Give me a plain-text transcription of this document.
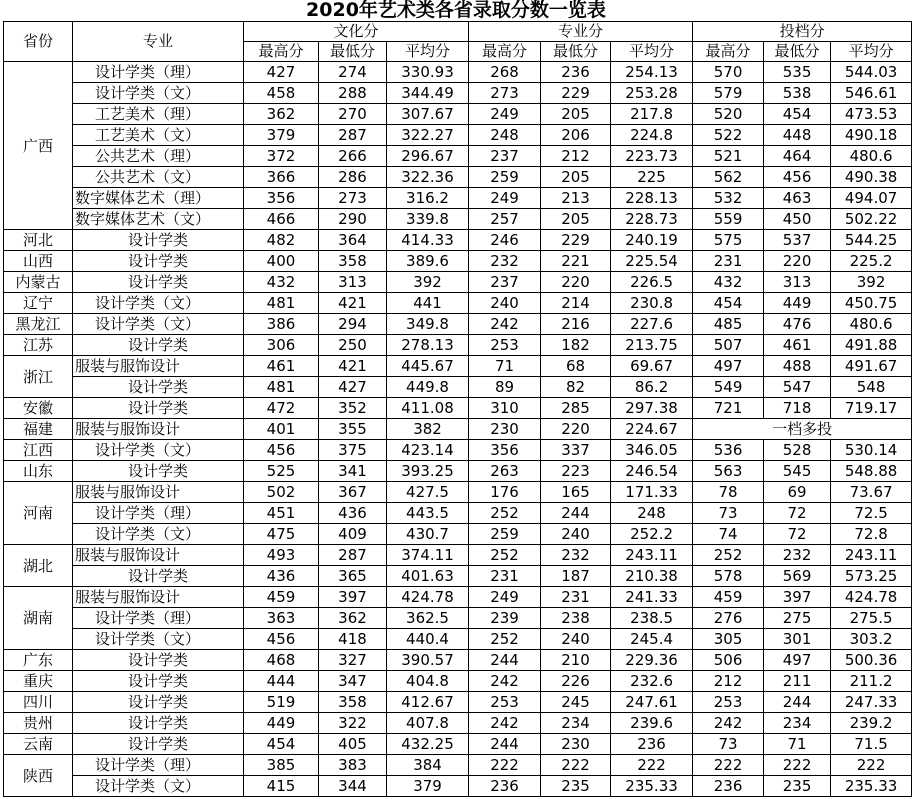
2020年艺术类各省录取分数一览表
省份	专业	文化分			专业分			投档分		
		最高分	最低分	平均分	最高分	最低分	平均分	最高分	最低分	平均分
广西	设计学类（理）	427	274	330.93	268	236	254.13	570	535	544.03
	设计学类（文）	458	288	344.49	273	229	253.28	579	538	546.61
	工艺美术（理）	362	270	307.67	249	205	217.8	520	454	473.53
	工艺美术（文）	379	287	322.27	248	206	224.8	522	448	490.18
	公共艺术（理）	372	266	296.67	237	212	223.73	521	464	480.6
	公共艺术（文）	366	286	322.36	259	205	225	562	456	490.38
	数字媒体艺术（理）	356	273	316.2	249	213	228.13	532	463	494.07
	数字媒体艺术（文）	466	290	339.8	257	205	228.73	559	450	502.22
河北	设计学类	482	364	414.33	246	229	240.19	575	537	544.25
山西	设计学类	400	358	389.6	232	221	225.54	231	220	225.2
内蒙古	设计学类	432	313	392	237	220	226.5	432	313	392
辽宁	设计学类（文）	481	421	441	240	214	230.8	454	449	450.75
黑龙江	设计学类（文）	386	294	349.8	242	216	227.6	485	476	480.6
江苏	设计学类	306	250	278.13	253	182	213.75	507	461	491.88
浙江	服装与服饰设计	461	421	445.67	71	68	69.67	497	488	491.67
	设计学类	481	427	449.8	89	82	86.2	549	547	548
安徽	设计学类	472	352	411.08	310	285	297.38	721	718	719.17
福建	服装与服饰设计	401	355	382	230	220	224.67	一档多投		
江西	设计学类（文）	456	375	423.14	356	337	346.05	536	528	530.14
山东	设计学类	525	341	393.25	263	223	246.54	563	545	548.88
河南	服装与服饰设计	502	367	427.5	176	165	171.33	78	69	73.67
	设计学类（理）	451	436	443.5	252	244	248	73	72	72.5
	设计学类（文）	475	409	430.7	259	240	252.2	74	72	72.8
湖北	服装与服饰设计	493	287	374.11	252	232	243.11	252	232	243.11
	设计学类	436	365	401.63	231	187	210.38	578	569	573.25
湖南	服装与服饰设计	459	397	424.78	249	231	241.33	459	397	424.78
	设计学类（理）	363	362	362.5	239	238	238.5	276	275	275.5
	设计学类（文）	456	418	440.4	252	240	245.4	305	301	303.2
广东	设计学类	468	327	390.57	244	210	229.36	506	497	500.36
重庆	设计学类	444	347	404.8	242	226	232.6	212	211	211.2
四川	设计学类	519	358	412.67	253	245	247.61	253	244	247.33
贵州	设计学类	449	322	407.8	242	234	239.6	242	234	239.2
云南	设计学类	454	405	432.25	244	230	236	73	71	71.5
陕西	设计学类（理）	385	383	384	222	222	222	222	222	222
	设计学类（文）	415	344	379	236	235	235.33	236	235	235.33
